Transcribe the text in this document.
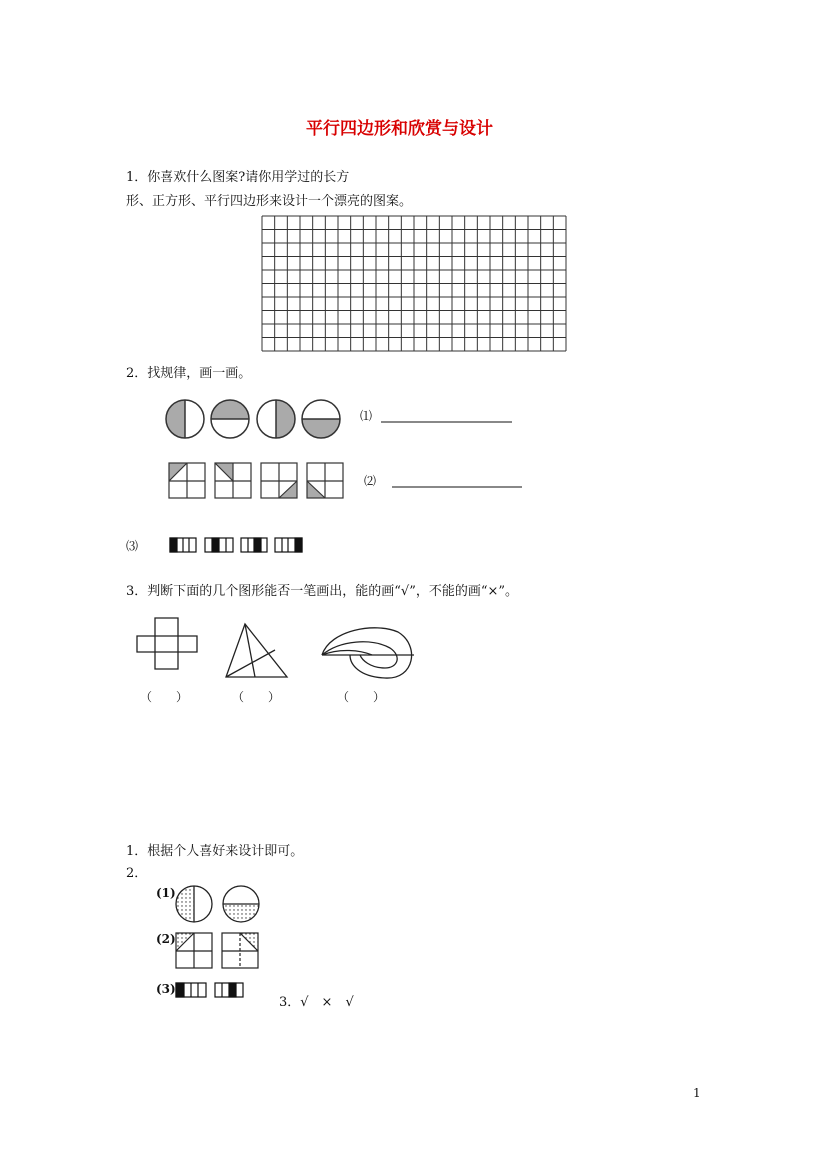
平行四边形和欣赏与设计
1．你喜欢什么图案?请你用学过的长方
形、正方形、平行四边形来设计一个漂亮的图案。
2．找规律，画一画。
⑴
⑵
⑶
3．判断下面的几个图形能否一笔画出，能的画“√”，不能的画“×”。
（　　）	（　　）	（　　）
1．根据个人喜好来设计即可。
2．
(1)
(2)
(3)
3．√　×　√
1
